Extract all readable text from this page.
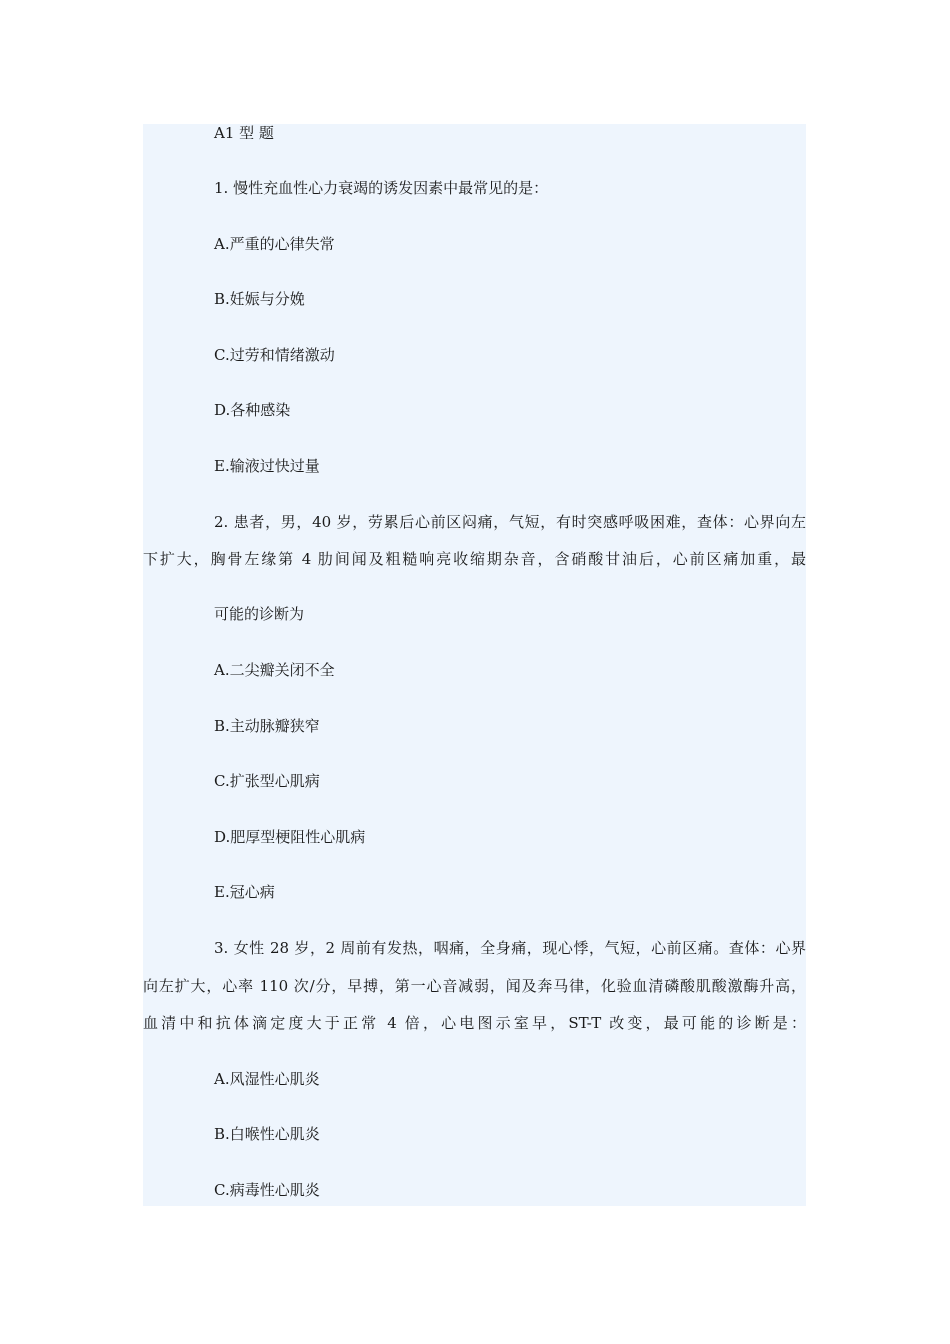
A1 型 题
1. 慢性充血性心力衰竭的诱发因素中最常见的是：
A.严重的心律失常
B.妊娠与分娩
C.过劳和情绪激动
D.各种感染
E.输液过快过量
2. 患者，男，40 岁，劳累后心前区闷痛，气短，有时突感呼吸困难，查体：心界向左
下扩大，胸骨左缘第 4 肋间闻及粗糙响亮收缩期杂音，含硝酸甘油后，心前区痛加重，最
可能的诊断为
A.二尖瓣关闭不全
B.主动脉瓣狭窄
C.扩张型心肌病
D.肥厚型梗阻性心肌病
E.冠心病
3. 女性 28 岁，2 周前有发热，咽痛，全身痛，现心悸，气短，心前区痛。查体：心界
向左扩大，心率 110 次/分，早搏，第一心音减弱，闻及奔马律，化验血清磷酸肌酸激酶升高，
血清中和抗体滴定度大于正常 4 倍，心电图示室早，ST-T 改变，最可能的诊断是：
A.风湿性心肌炎
B.白喉性心肌炎
C.病毒性心肌炎
